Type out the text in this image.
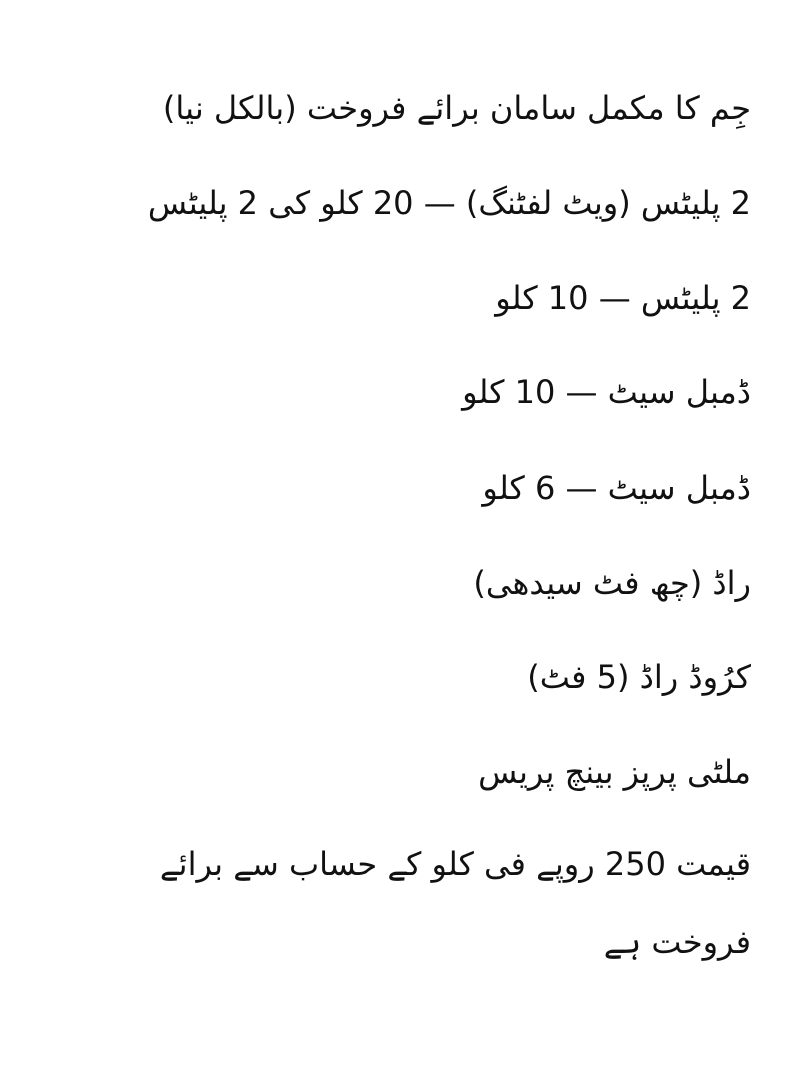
جِم کا مکمل سامان برائے فروخت (بالکل نیا)
2 پلیٹس (ویٹ لفٹنگ) — 20 کلو کی 2 پلیٹس
2 پلیٹس — 10 کلو
ڈمبل سیٹ — 10 کلو
ڈمبل سیٹ — 6 کلو
راڈ (چھ فٹ سیدھی)
کرُوڈ راڈ (5 فٹ)
ملٹی پرپز بینچ پریس
قیمت 250 روپے فی کلو کے حساب سے برائے
فروخت ہے
